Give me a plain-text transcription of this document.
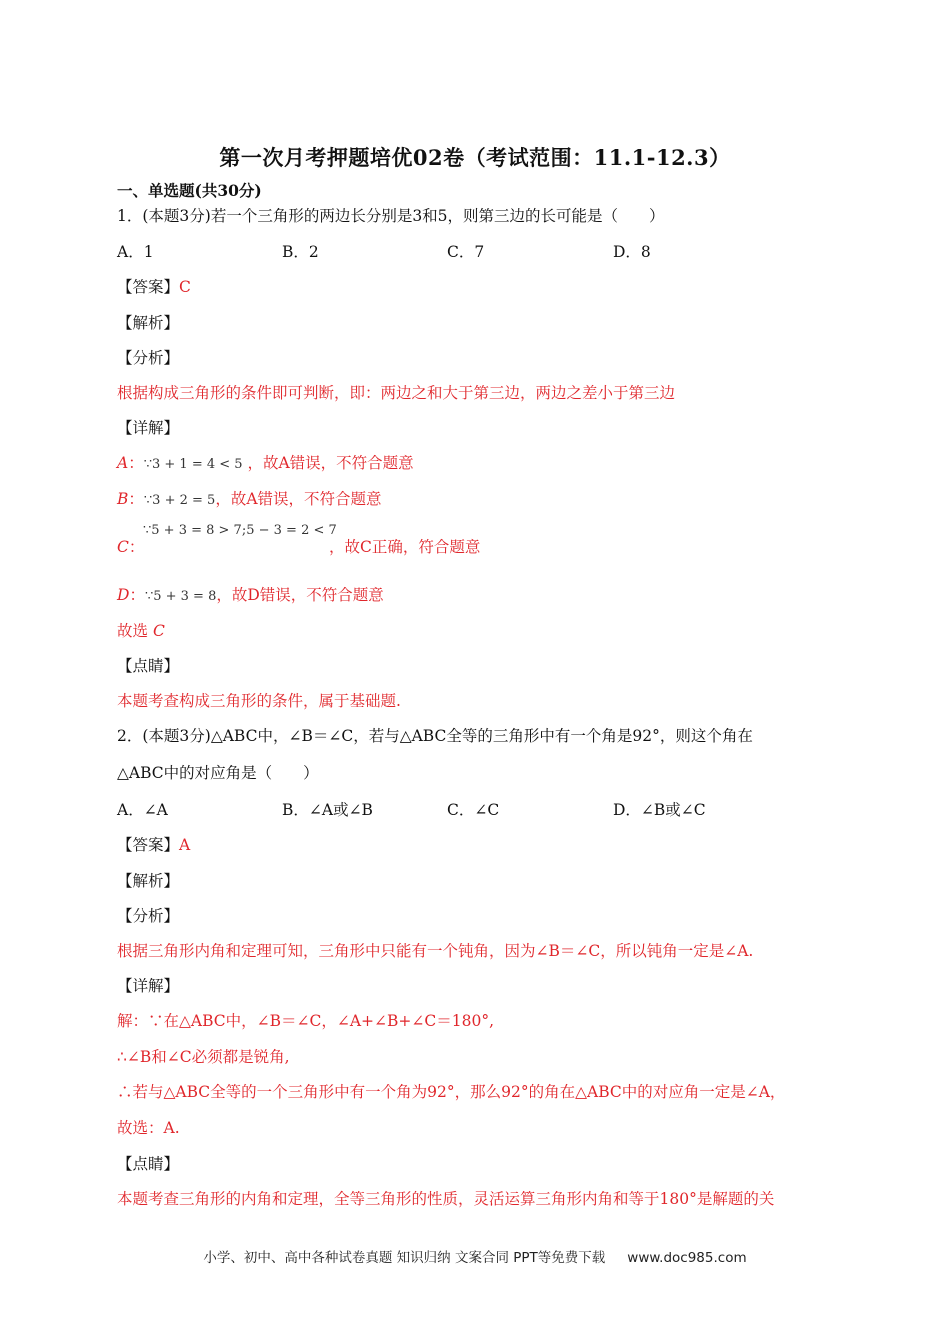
第一次月考押题培优02卷（考试范围：11.1-12.3）
一、单选题(共30分)
1．(本题3分)若一个三角形的两边长分别是3和5，则第三边的长可能是（　　）
A．1	B．2	C．7	D．8
【答案】C
【解析】
【分析】
根据构成三角形的条件即可判断，即：两边之和大于第三边，两边之差小于第三边
【详解】
A：∵3 + 1 = 4 < 5 ，故A错误，不符合题意
B：∵3 + 2 = 5，故A错误，不符合题意
C：
∵5 + 3 = 8 > 7;5 − 3 = 2 < 7
，故C正确，符合题意
D：∵5 + 3 = 8，故D错误，不符合题意
故选 C
【点睛】
本题考查构成三角形的条件，属于基础题.
2．(本题3分)△ABC中，∠B＝∠C，若与△ABC全等的三角形中有一个角是92°，则这个角在
△ABC中的对应角是（　　）
A．∠A	B．∠A或∠B	C．∠C	D．∠B或∠C
【答案】A
【解析】
【分析】
根据三角形内角和定理可知，三角形中只能有一个钝角，因为∠B＝∠C，所以钝角一定是∠A.
【详解】
解：∵在△ABC中，∠B＝∠C，∠A+∠B+∠C＝180°,
∴∠B和∠C必须都是锐角,
∴若与△ABC全等的一个三角形中有一个角为92°，那么92°的角在△ABC中的对应角一定是∠A，
故选：A.
【点睛】
本题考查三角形的内角和定理，全等三角形的性质，灵活运算三角形内角和等于180°是解题的关
小学、初中、高中各种试卷真题 知识归纳 文案合同 PPT等免费下载 www.doc985.com
